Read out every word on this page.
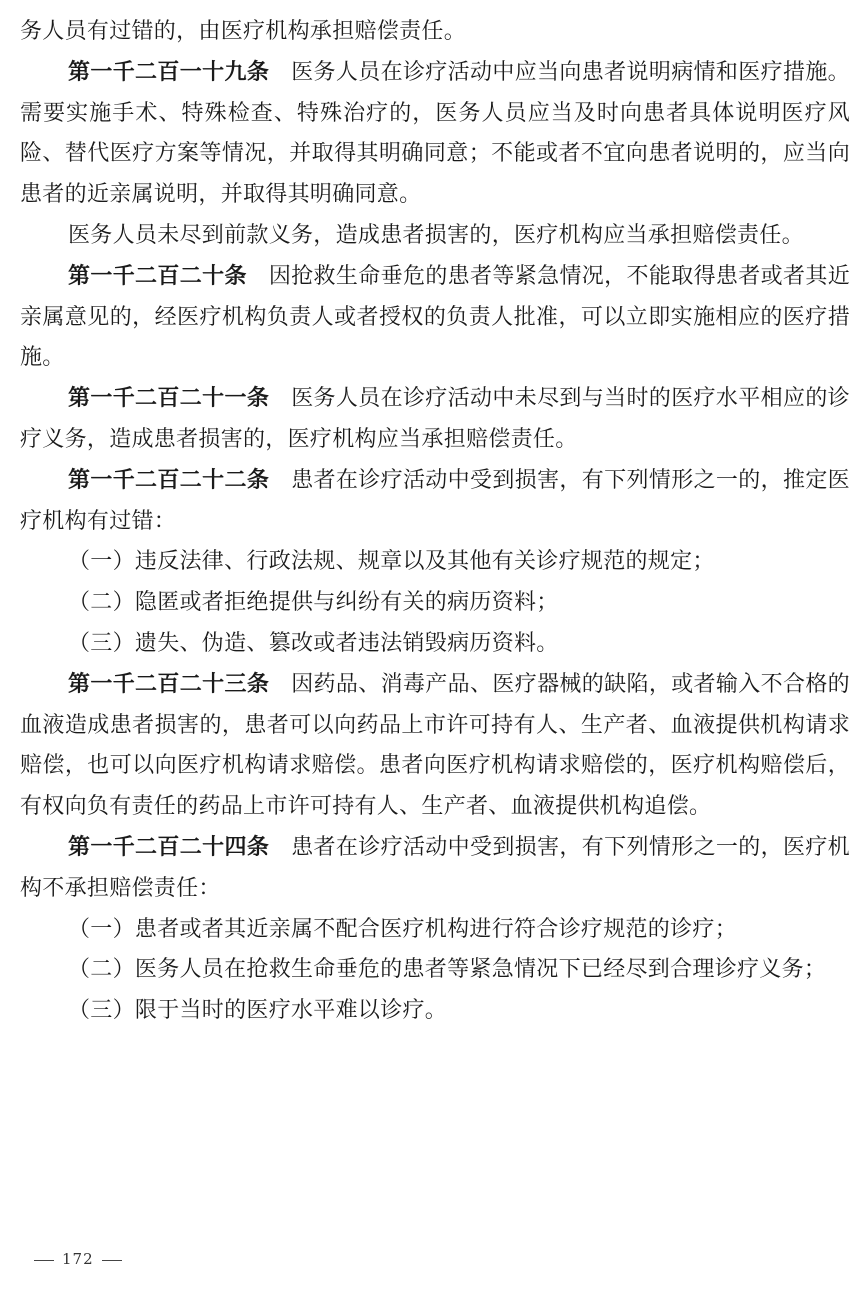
务人员有过错的，由医疗机构承担赔偿责任。

第一千二百一十九条 医务人员在诊疗活动中应当向患者说明病情和医疗措施。需要实施手术、特殊检查、特殊治疗的，医务人员应当及时向患者具体说明医疗风险、替代医疗方案等情况，并取得其明确同意；不能或者不宜向患者说明的，应当向患者的近亲属说明，并取得其明确同意。

医务人员未尽到前款义务，造成患者损害的，医疗机构应当承担赔偿责任。

第一千二百二十条 因抢救生命垂危的患者等紧急情况，不能取得患者或者其近亲属意见的，经医疗机构负责人或者授权的负责人批准，可以立即实施相应的医疗措施。

第一千二百二十一条 医务人员在诊疗活动中未尽到与当时的医疗水平相应的诊疗义务，造成患者损害的，医疗机构应当承担赔偿责任。

第一千二百二十二条 患者在诊疗活动中受到损害，有下列情形之一的，推定医疗机构有过错：

（一）违反法律、行政法规、规章以及其他有关诊疗规范的规定；

（二）隐匿或者拒绝提供与纠纷有关的病历资料；

（三）遗失、伪造、篡改或者违法销毁病历资料。

第一千二百二十三条 因药品、消毒产品、医疗器械的缺陷，或者输入不合格的血液造成患者损害的，患者可以向药品上市许可持有人、生产者、血液提供机构请求赔偿，也可以向医疗机构请求赔偿。患者向医疗机构请求赔偿的，医疗机构赔偿后，有权向负有责任的药品上市许可持有人、生产者、血液提供机构追偿。

第一千二百二十四条 患者在诊疗活动中受到损害，有下列情形之一的，医疗机构不承担赔偿责任：

（一）患者或者其近亲属不配合医疗机构进行符合诊疗规范的诊疗；

（二）医务人员在抢救生命垂危的患者等紧急情况下已经尽到合理诊疗义务；

（三）限于当时的医疗水平难以诊疗。

172
